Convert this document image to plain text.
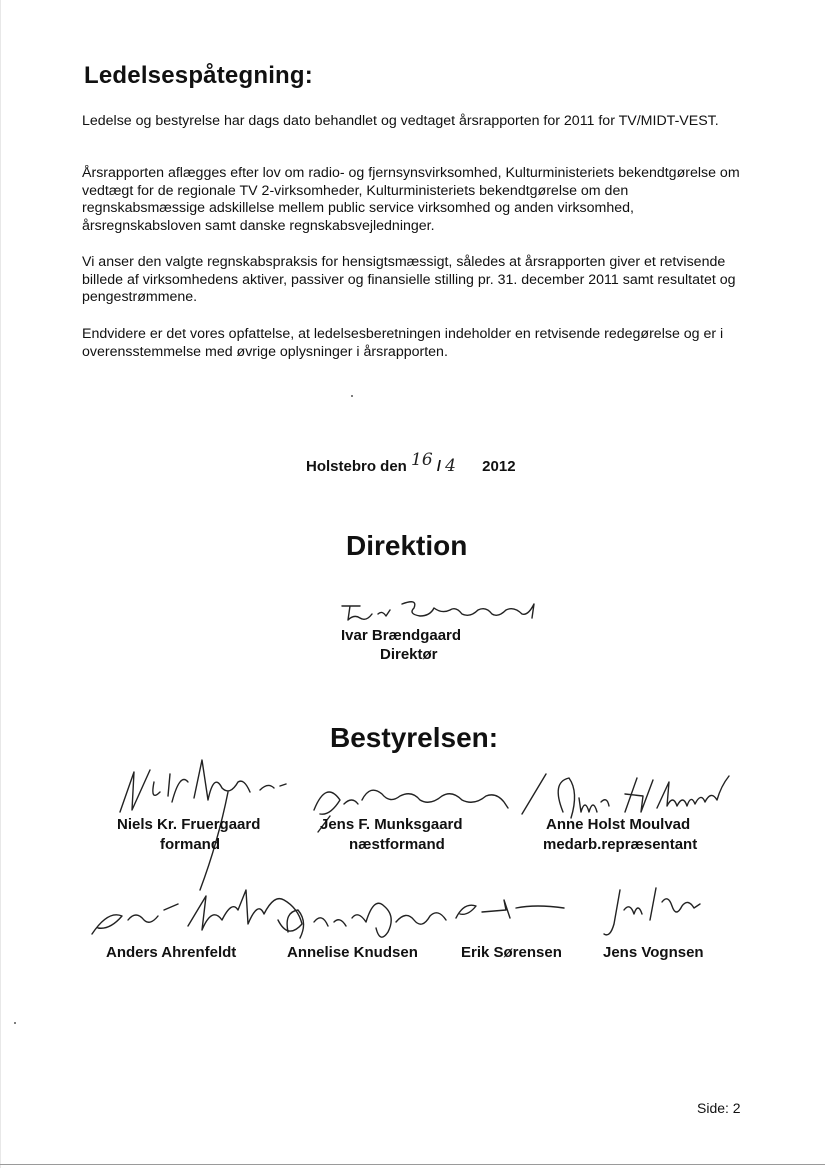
Ledelsespåtegning:
Ledelse og bestyrelse har dags dato behandlet og vedtaget årsrapporten for 2011 for TV/MIDT-VEST.
Årsrapporten aflægges efter lov om radio- og fjernsynsvirksomhed, Kulturministeriets bekendtgørelse om vedtægt for de regionale TV 2-virksomheder, Kulturministeriets bekendtgørelse om den regnskabsmæssige adskillelse mellem public service virksomhed og anden virksomhed, årsregnskabsloven samt danske regnskabsvejledninger.
Vi anser den valgte regnskabspraksis for hensigtsmæssigt, således at årsrapporten giver et retvisende billede af virksomhedens aktiver, passiver og finansielle stilling pr. 31. december 2011 samt resultatet og pengestrømmene.
Endvidere er det vores opfattelse, at ledelsesberetningen indeholder en retvisende redegørelse og er i overensstemmelse med øvrige oplysninger i årsrapporten.
Holstebro den $^{16}$ / 4 2012
Direktion
Ivar Brændgaard
Direktør
Bestyrelsen:
Niels Kr. Fruergaard
formand
Jens F. Munksgaard
næstformand
Anne Holst Moulvad
medarb.repræsentant
Anders Ahrenfeldt	Annelise Knudsen	Erik Sørensen	Jens Vognsen
Side: 2
